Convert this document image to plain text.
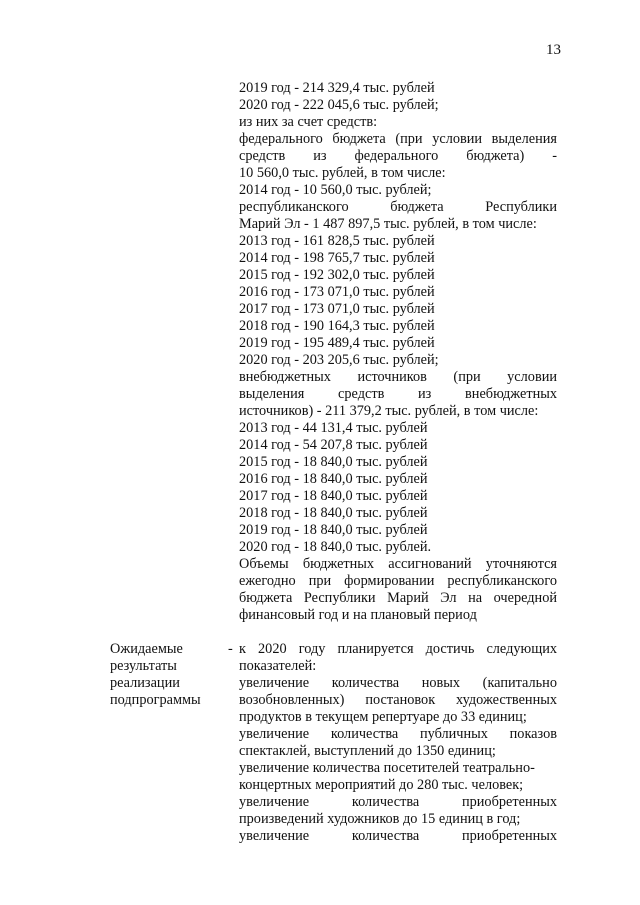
13
2019 год - 214 329,4 тыс. рублей
2020 год - 222 045,6 тыс. рублей;
из них за счет средств:
федерального бюджета (при условии выделения
средств из федерального бюджета) -
10 560,0 тыс. рублей, в том числе:
2014 год - 10 560,0 тыс. рублей;
республиканского бюджета Республики
Марий Эл - 1 487 897,5 тыс. рублей, в том числе:
2013 год - 161 828,5 тыс. рублей
2014 год - 198 765,7 тыс. рублей
2015 год - 192 302,0 тыс. рублей
2016 год - 173 071,0 тыс. рублей
2017 год - 173 071,0 тыс. рублей
2018 год - 190 164,3 тыс. рублей
2019 год - 195 489,4 тыс. рублей
2020 год - 203 205,6 тыс. рублей;
внебюджетных источников (при условии
выделения средств из внебюджетных
источников) - 211 379,2 тыс. рублей, в том числе:
2013 год - 44 131,4 тыс. рублей
2014 год - 54 207,8 тыс. рублей
2015 год - 18 840,0 тыс. рублей
2016 год - 18 840,0 тыс. рублей
2017 год - 18 840,0 тыс. рублей
2018 год - 18 840,0 тыс. рублей
2019 год - 18 840,0 тыс. рублей
2020 год - 18 840,0 тыс. рублей.
Объемы бюджетных ассигнований уточняются
ежегодно при формировании республиканского
бюджета Республики Марий Эл на очередной
финансовый год и на плановый период
Ожидаемые
результаты
реализации
подпрограммы
- к 2020 году планируется достичь следующих
показателей:
увеличение количества новых (капитально
возобновленных) постановок художественных
продуктов в текущем репертуаре до 33 единиц;
увеличение количества публичных показов
спектаклей, выступлений до 1350 единиц;
увеличение количества посетителей театрально-
концертных мероприятий до 280 тыс. человек;
увеличение количества приобретенных
произведений художников до 15 единиц в год;
увеличение количества приобретенных
